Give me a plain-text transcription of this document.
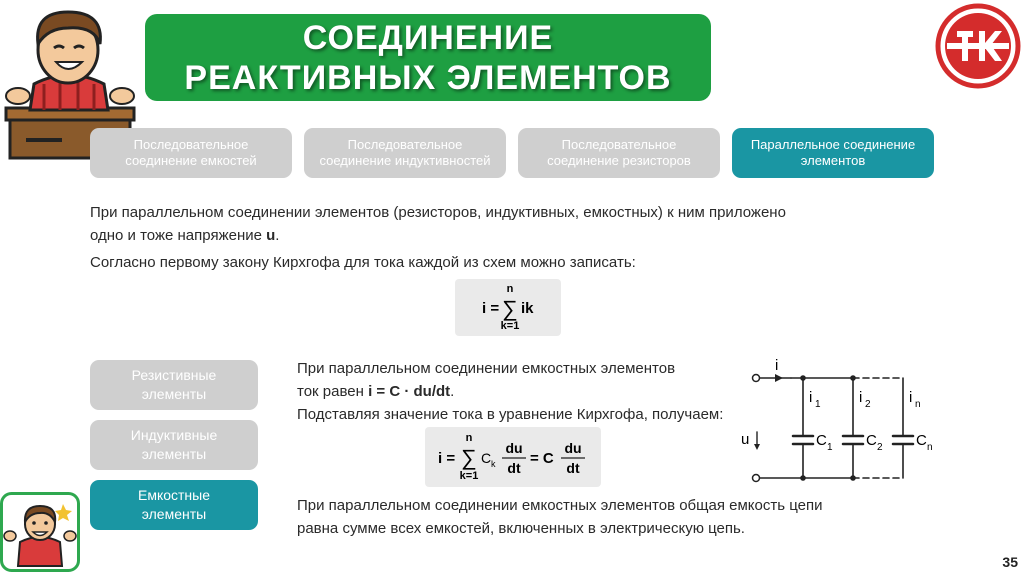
СОЕДИНЕНИЕ
РЕАКТИВНЫХ ЭЛЕМЕНТОВ
Последовательное
соединение емкостей
Последовательное
соединение индуктивностей
Последовательное
соединение резисторов
Параллельное соединение
элементов
При параллельном соединении элементов (резисторов, индуктивных, емкостных) к ним приложено
одно и тоже напряжение u.
Согласно первому закону Кирхгофа для тока каждой из схем можно записать:
i =
n
∑
k=1
ik
Резистивные
элементы
Индуктивные
элементы
Емкостные
элементы
При параллельном соединении емкостных элементов
ток равен i = C · du/dt.
Подставляя значение тока в уравнение Кирхгофа, получаем:
i =
n
∑
k=1
C k
du
dt
= C
du
dt
При параллельном соединении емкостных элементов общая емкость цепи
равна сумме всех емкостей, включенных в электрическую цепь.
i
u
i 1	i 2	i n
C 1 C 2 C n
35
